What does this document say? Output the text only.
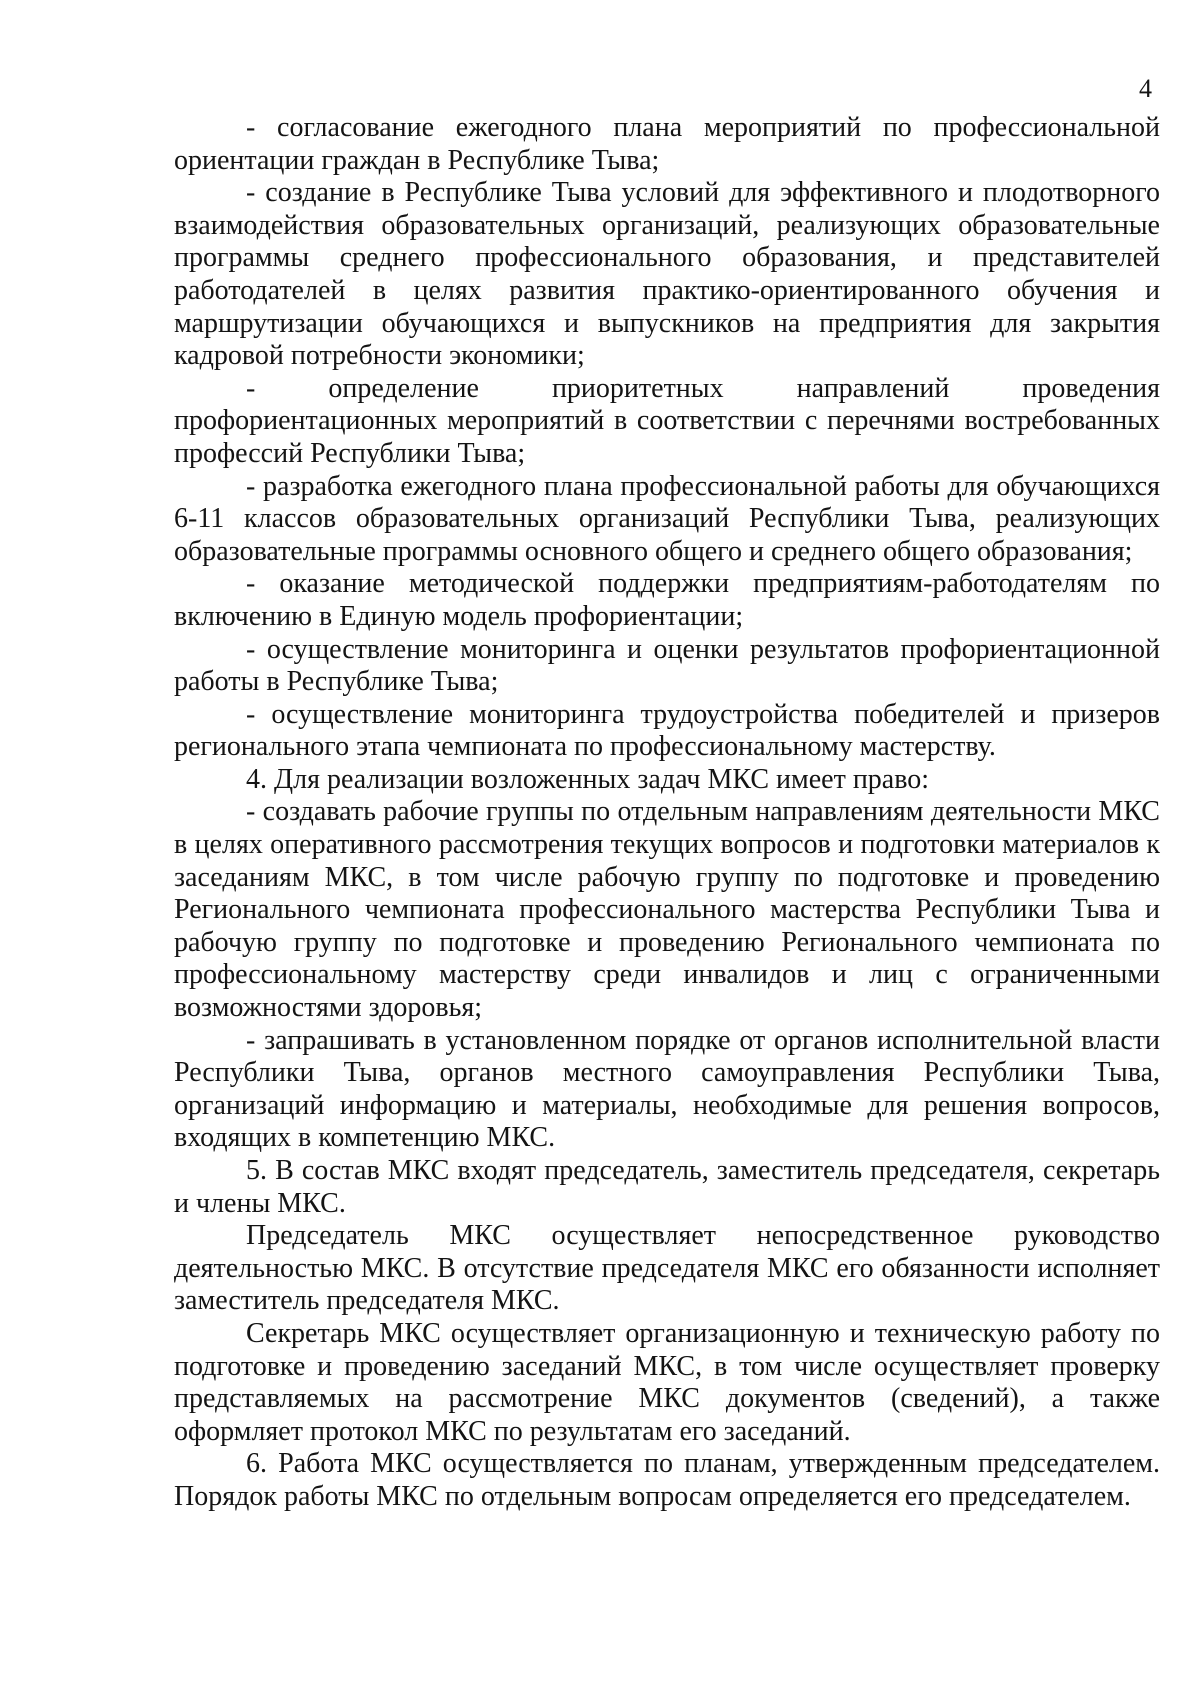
4

- согласование ежегодного плана мероприятий по профессиональной ориентации граждан в Республике Тыва;

- создание в Республике Тыва условий для эффективного и плодотворного взаимодействия образовательных организаций, реализующих образовательные программы среднего профессионального образования, и представителей работодателей в целях развития практико-ориентированного обучения и маршрутизации обучающихся и выпускников на предприятия для закрытия кадровой потребности экономики;

- определение приоритетных направлений проведения профориентационных мероприятий в соответствии с перечнями востребованных профессий Республики Тыва;

- разработка ежегодного плана профессиональной работы для обучающихся 6-11 классов образовательных организаций Республики Тыва, реализующих образовательные программы основного общего и среднего общего образования;

- оказание методической поддержки предприятиям-работодателям по включению в Единую модель профориентации;

- осуществление мониторинга и оценки результатов профориентационной работы в Республике Тыва;

- осуществление мониторинга трудоустройства победителей и призеров регионального этапа чемпионата по профессиональному мастерству.

4. Для реализации возложенных задач МКС имеет право:

- создавать рабочие группы по отдельным направлениям деятельности МКС в целях оперативного рассмотрения текущих вопросов и подготовки материалов к заседаниям МКС, в том числе рабочую группу по подготовке и проведению Регионального чемпионата профессионального мастерства Республики Тыва и рабочую группу по подготовке и проведению Регионального чемпионата по профессиональному мастерству среди инвалидов и лиц с ограниченными возможностями здоровья;

- запрашивать в установленном порядке от органов исполнительной власти Республики Тыва, органов местного самоуправления Республики Тыва, организаций информацию и материалы, необходимые для решения вопросов, входящих в компетенцию МКС.

5. В состав МКС входят председатель, заместитель председателя, секретарь и члены МКС.

Председатель МКС осуществляет непосредственное руководство деятельностью МКС. В отсутствие председателя МКС его обязанности исполняет заместитель председателя МКС.

Секретарь МКС осуществляет организационную и техническую работу по подготовке и проведению заседаний МКС, в том числе осуществляет проверку представляемых на рассмотрение МКС документов (сведений), а также оформляет протокол МКС по результатам его заседаний.

6. Работа МКС осуществляется по планам, утвержденным председателем. Порядок работы МКС по отдельным вопросам определяется его председателем.
